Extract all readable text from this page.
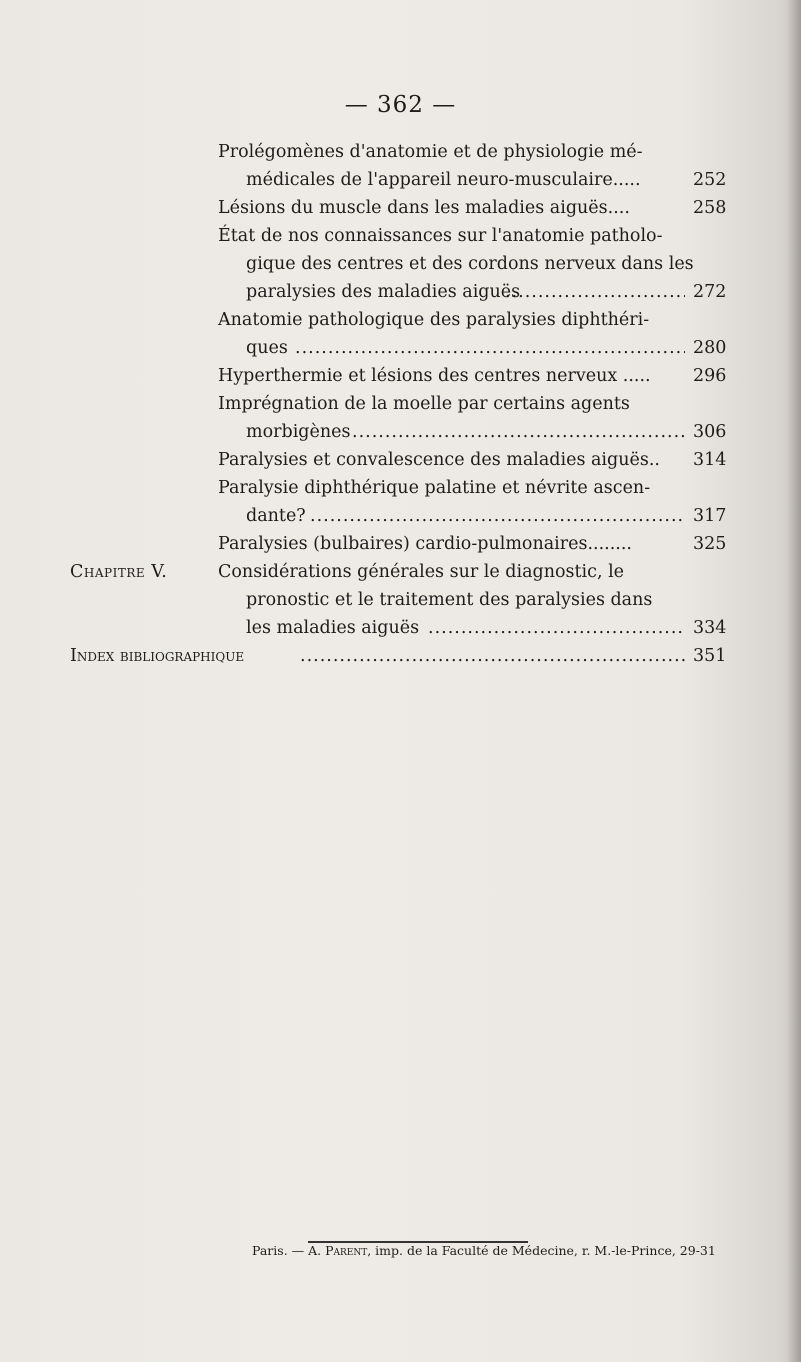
— 362 —
Prolégomènes d'anatomie et de physiologie mé-
médicales de l'appareil neuro-musculaire.....	252
Lésions du muscle dans les maladies aiguës....	258
État de nos connaissances sur l'anatomie patholo-
gique des centres et des cordons nerveux dans les
paralysies des maladies aiguës .....	272
Anatomie pathologique des paralysies diphthéri-
ques .....	280
Hyperthermie et lésions des centres nerveux ..... 296
Imprégnation de la moelle par certains agents
morbigènes .....	306
Paralysies et convalescence des maladies aiguës.. 314
Paralysie diphthérique palatine et névrite ascen-
dante? .....	317
Paralysies (bulbaires) cardio-pulmonaires........	325
Chapitre V.	Considérations générales sur le diagnostic, le
pronostic et le traitement des paralysies dans
les maladies aiguës .....	334
Index bibliographique .....	351
Paris. — A. Parent, imp. de la Faculté de Médecine, r. M.-le-Prince, 29-31
